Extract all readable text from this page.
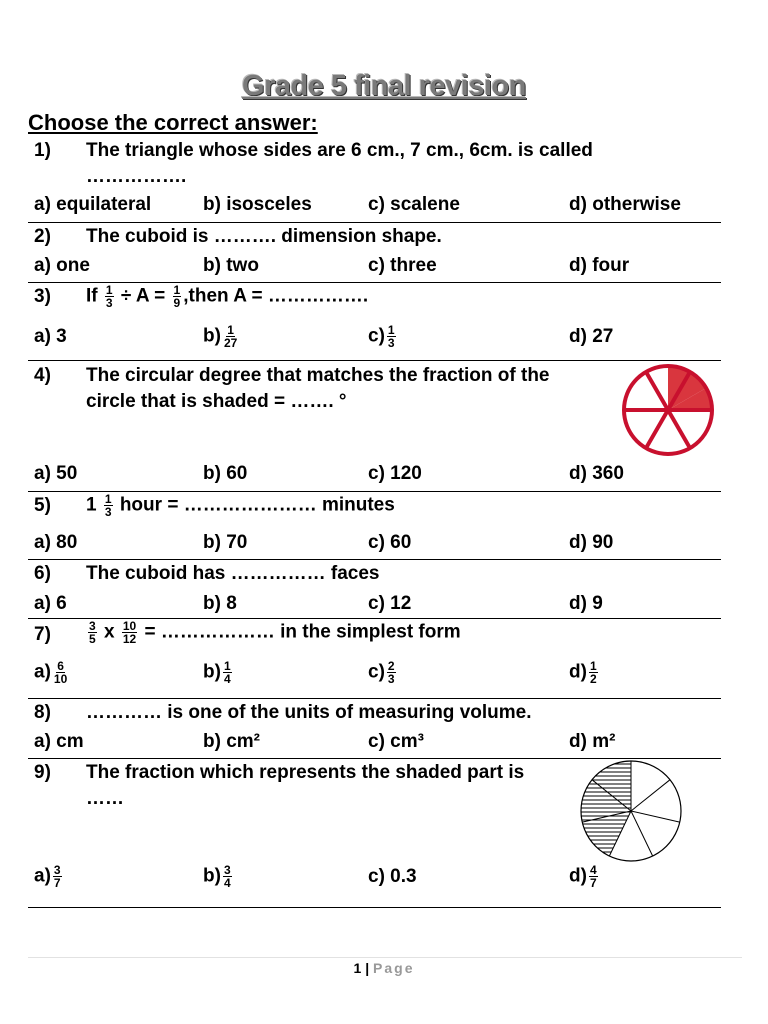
Grade 5 final revision
Choose the correct answer:
1) The triangle whose sides are 6 cm., 7 cm., 6cm. is called
…………….
a) equilateral	b) isosceles	c) scalene	d) otherwise
2) The cuboid is ………. dimension shape.
a) one	b) two	c) three	d) four
3) If $\frac{1}{3} \div A = \frac{1}{9}$ ,then A = …………….
a) 3	$b) \frac{1}{27}$	$c) \frac{1}{3}$	d) 27
4) The circular degree that matches the fraction of the
circle that is shaded = ……. °
a) 50	b) 60	c) 120	d) 360
5) $1 \frac{1}{3}$ hour = ………………… minutes
a) 80	b) 70	c) 60	d) 90
6) The cuboid has …………… faces
a) 6	b) 8	c) 12	d) 9
7)	$\frac{3}{5}$ x $\frac{10}{12}$ = ……………… in the simplest form
$a) \frac{6}{10}$	$b) \frac{1}{4}$	$c) \frac{2}{3}$	$d) \frac{1}{2}$
8) ………… is one of the units of measuring volume.
a) cm	b) cm²	c) cm³	d) m²
9) The fraction which represents the shaded part is
……
$a) \frac{3}{7}$	$b) \frac{3}{4}$	c) 0.3	$d) \frac{4}{7}$
1 | Page
